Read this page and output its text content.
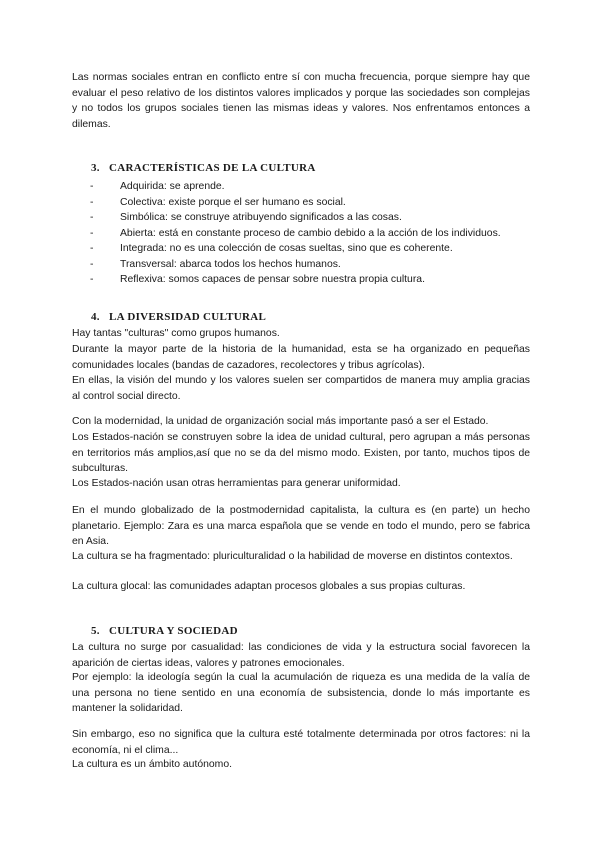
Las normas sociales entran en conflicto entre sí con mucha frecuencia, porque siempre hay que evaluar el peso relativo de los distintos valores implicados y porque las sociedades son complejas y no todos los grupos sociales tienen las mismas ideas y valores. Nos enfrentamos entonces a dilemas.
3. CARACTERÍSTICAS DE LA CULTURA
-	Adquirida: se aprende.
-	Colectiva: existe porque el ser humano es social.
-	Simbólica: se construye atribuyendo significados a las cosas.
-	Abierta: está en constante proceso de cambio debido a la acción de los individuos.
-	Integrada: no es una colección de cosas sueltas, sino que es coherente.
-	Transversal: abarca todos los hechos humanos.
-	Reflexiva: somos capaces de pensar sobre nuestra propia cultura.
4. LA DIVERSIDAD CULTURAL
Hay tantas "culturas" como grupos humanos.
Durante la mayor parte de la historia de la humanidad, esta se ha organizado en pequeñas comunidades locales (bandas de cazadores, recolectores y tribus agrícolas).
En ellas, la visión del mundo y los valores suelen ser compartidos de manera muy amplia gracias al control social directo.
Con la modernidad, la unidad de organización social más importante pasó a ser el Estado.
Los Estados-nación se construyen sobre la idea de unidad cultural, pero agrupan a más personas en territorios más amplios,así que no se da del mismo modo. Existen, por tanto, muchos tipos de subculturas.
Los Estados-nación usan otras herramientas para generar uniformidad.
En el mundo globalizado de la postmodernidad capitalista, la cultura es (en parte) un hecho planetario. Ejemplo: Zara es una marca española que se vende en todo el mundo, pero se fabrica en Asia.
La cultura se ha fragmentado: pluriculturalidad o la habilidad de moverse en distintos contextos.
La cultura glocal: las comunidades adaptan procesos globales a sus propias culturas.
5. CULTURA Y SOCIEDAD
La cultura no surge por casualidad: las condiciones de vida y la estructura social favorecen la aparición de ciertas ideas, valores y patrones emocionales.
Por ejemplo: la ideología según la cual la acumulación de riqueza es una medida de la valía de una persona no tiene sentido en una economía de subsistencia, donde lo más importante es mantener la solidaridad.
Sin embargo, eso no significa que la cultura esté totalmente determinada por otros factores: ni la economía, ni el clima...
La cultura es un ámbito autónomo.
